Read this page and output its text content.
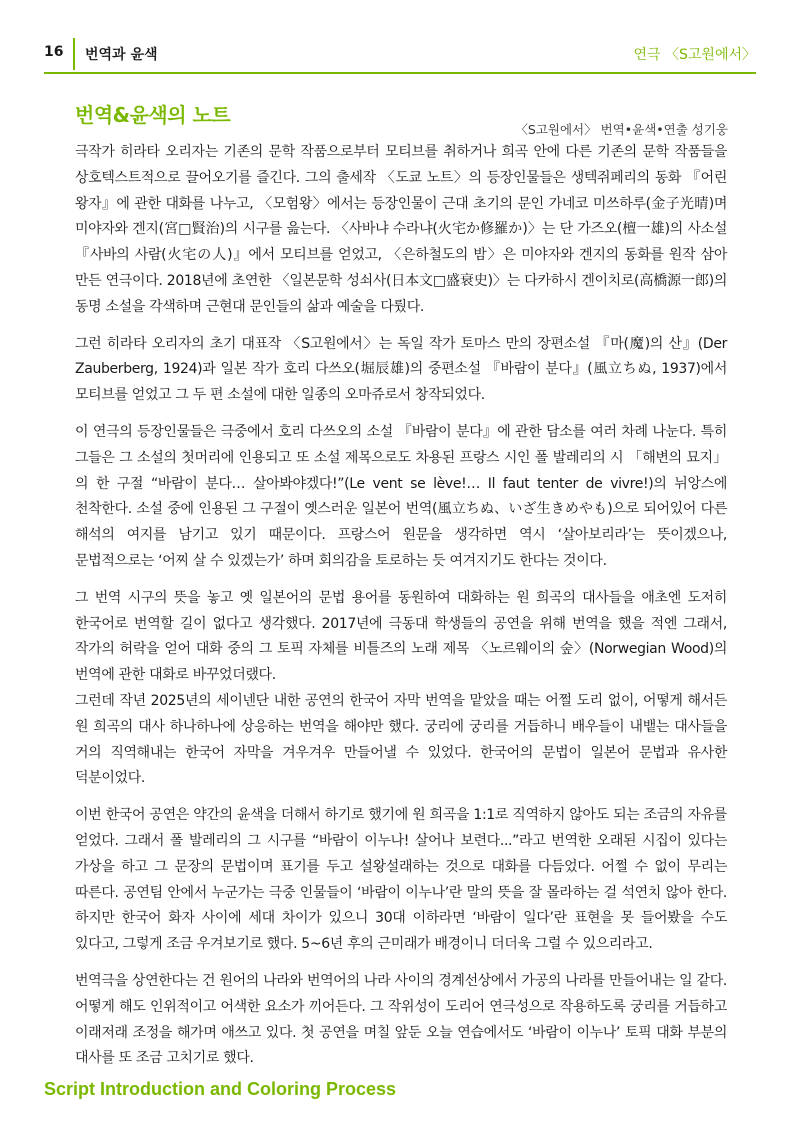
16 번역과 윤색	연극 〈S고원에서〉
번역&윤색의 노트
〈S고원에서〉 번역•윤색•연출 성기웅

극작가 히라타 오리자는 기존의 문학 작품으로부터 모티브를 취하거나 희곡 안에 다른 기존의 문학 작품들을 상호텍스트적으로 끌어오기를 즐긴다. 그의 출세작 〈도쿄 노트〉의 등장인물들은 생텍쥐페리의 동화 『어린 왕자』에 관한 대화를 나누고, 〈모험왕〉에서는 등장인물이 근대 초기의 문인 가네코 미쓰하루(金子光晴)며 미야자와 겐지(宮□賢治)의 시구를 읊는다. 〈사바냐 수라냐(火宅か修羅か)〉는 단 가즈오(檀一雄)의 사소설 『사바의 사람(火宅の人)』에서 모티브를 얻었고, 〈은하철도의 밤〉은 미야자와 겐지의 동화를 원작 삼아 만든 연극이다. 2018년에 초연한 〈일본문학 성쇠사(日本文□盛衰史)〉는 다카하시 겐이치로(高橋源一郎)의 동명 소설을 각색하며 근현대 문인들의 삶과 예술을 다뤘다.

그런 히라타 오리자의 초기 대표작 〈S고원에서〉는 독일 작가 토마스 만의 장편소설 『마(魔)의 산』(Der Zauberberg, 1924)과 일본 작가 호리 다쓰오(堀辰雄)의 중편소설 『바람이 분다』(風立ちぬ, 1937)에서 모티브를 얻었고 그 두 편 소설에 대한 일종의 오마쥬로서 창작되었다.

이 연극의 등장인물들은 극중에서 호리 다쓰오의 소설 『바람이 분다』에 관한 담소를 여러 차례 나눈다. 특히 그들은 그 소설의 첫머리에 인용되고 또 소설 제목으로도 차용된 프랑스 시인 폴 발레리의 시 「해변의 묘지」의 한 구절 “바람이 분다… 살아봐야겠다!”(Le vent se lève!… Il faut tenter de vivre!)의 뉘앙스에 천착한다. 소설 중에 인용된 그 구절이 옛스러운 일본어 번역(風立ちぬ、いざ生きめやも)으로 되어있어 다른 해석의 여지를 남기고 있기 때문이다. 프랑스어 원문을 생각하면 역시 ‘살아보리라’는 뜻이겠으나, 문법적으로는 ‘어찌 살 수 있겠는가’ 하며 회의감을 토로하는 듯 여겨지기도 한다는 것이다.

그 번역 시구의 뜻을 놓고 옛 일본어의 문법 용어를 동원하여 대화하는 원 희곡의 대사들을 애초엔 도저히 한국어로 번역할 길이 없다고 생각했다. 2017년에 극동대 학생들의 공연을 위해 번역을 했을 적엔 그래서, 작가의 허락을 얻어 대화 중의 그 토픽 자체를 비틀즈의 노래 제목 〈노르웨이의 숲〉(Norwegian Wood)의 번역에 관한 대화로 바꾸었더랬다.

그런데 작년 2025년의 세이넨단 내한 공연의 한국어 자막 번역을 맡았을 때는 어쩔 도리 없이, 어떻게 해서든 원 희곡의 대사 하나하나에 상응하는 번역을 해야만 했다. 궁리에 궁리를 거듭하니 배우들이 내뱉는 대사들을 거의 직역해내는 한국어 자막을 겨우겨우 만들어낼 수 있었다. 한국어의 문법이 일본어 문법과 유사한 덕분이었다.

이번 한국어 공연은 약간의 윤색을 더해서 하기로 했기에 원 희곡을 1:1로 직역하지 않아도 되는 조금의 자유를 얻었다. 그래서 폴 발레리의 그 시구를 “바람이 이누나! 살어나 보련다...”라고 번역한 오래된 시집이 있다는 가상을 하고 그 문장의 문법이며 표기를 두고 설왕설래하는 것으로 대화를 다듬었다. 어쩔 수 없이 무리는 따른다. 공연팀 안에서 누군가는 극중 인물들이 ‘바람이 이누나’란 말의 뜻을 잘 몰라하는 걸 석연치 않아 한다. 하지만 한국어 화자 사이에 세대 차이가 있으니 30대 이하라면 ‘바람이 일다’란 표현을 못 들어봤을 수도 있다고, 그렇게 조금 우겨보기로 했다. 5~6년 후의 근미래가 배경이니 더더욱 그럴 수 있으리라고.

번역극을 상연한다는 건 원어의 나라와 번역어의 나라 사이의 경계선상에서 가공의 나라를 만들어내는 일 같다. 어떻게 해도 인위적이고 어색한 요소가 끼어든다. 그 작위성이 도리어 연극성으로 작용하도록 궁리를 거듭하고 이래저래 조정을 해가며 애쓰고 있다. 첫 공연을 며칠 앞둔 오늘 연습에서도 ‘바람이 이누나’ 토픽 대화 부분의 대사를 또 조금 고치기로 했다.

Script Introduction and Coloring Process
